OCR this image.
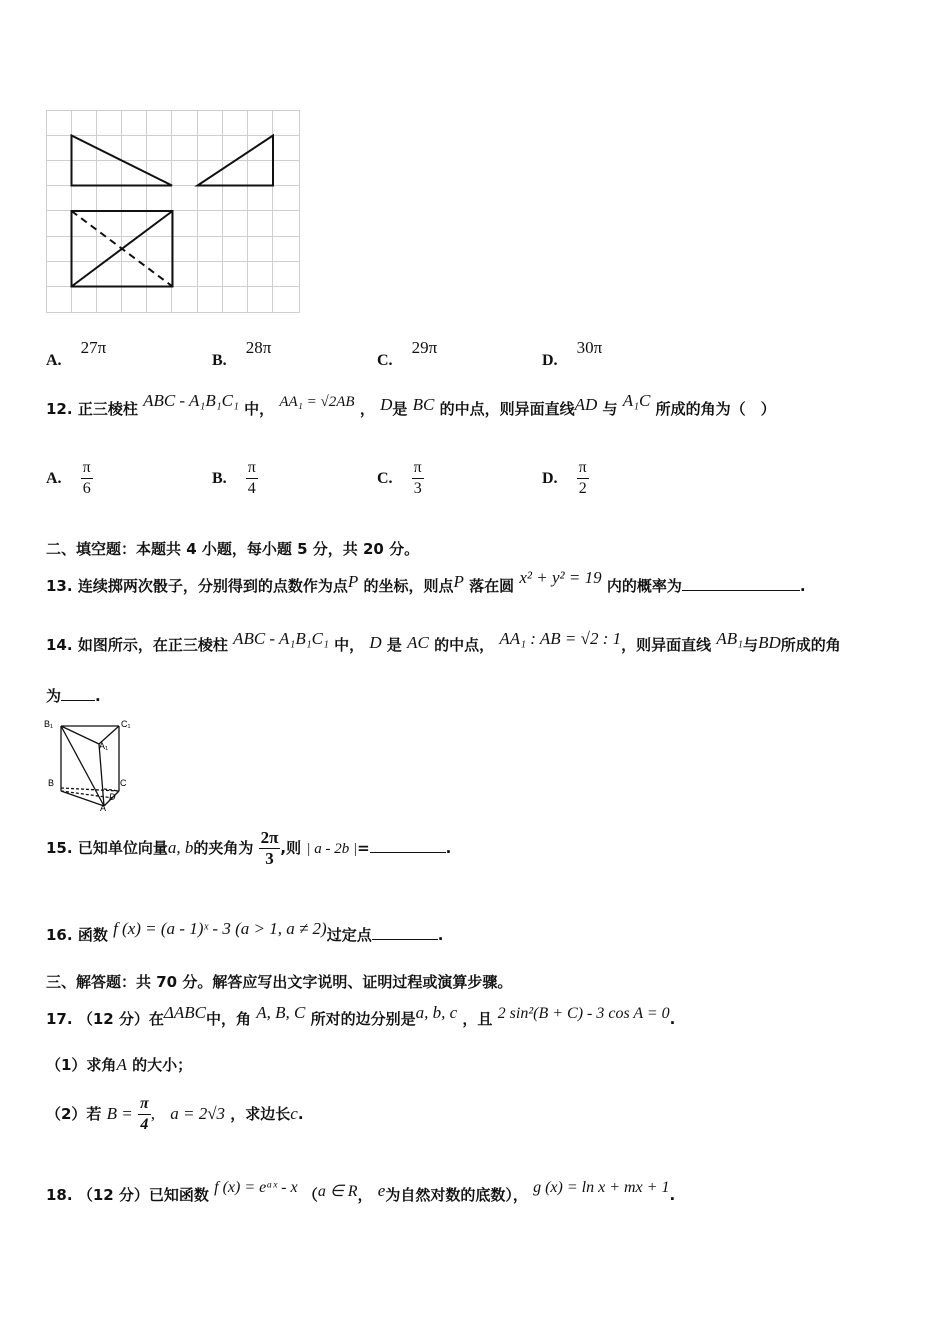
A. 27π
B. 28π
C. 29π
D. 30π
12. 正三棱柱 ABC - A₁B₁C₁ 中， AA₁ = √2AB ， D是 BC 的中点，则异面直线AD 与 A₁C 所成的角为（　）
A. $\frac{\pi}{6}$	B. $\frac{\pi}{4}$	C. $\frac{\pi}{3}$	D. $\frac{\pi}{2}$
二、填空题：本题共 4 小题，每小题 5 分，共 20 分。
13. 连续掷两次骰子，分别得到的点数作为点P 的坐标，则点P 落在圆 x² + y² = 19 内的概率为	.
14. 如图所示，在正三棱柱 ABC - A₁B₁C₁ 中， D 是 AC 的中点， AA₁ : AB = √2 : 1，则异面直线 AB₁与BD所成的角
为 .
B₁	C₁
A₁
B	C
D
A
15. 已知单位向量a, b的夹角为 $\frac{2\pi}{3}$ ,则 | a - 2b |=	.
16. 函数 f (x) = (a - 1)ˣ - 3 (a > 1, a ≠ 2)过定点	.
三、解答题：共 70 分。解答应写出文字说明、证明过程或演算步骤。
17. （12 分）在ΔABC中，角 A, B, C 所对的边分别是a, b, c ，且 2 sin²(B + C) - 3 cos A = 0.
（1）求角A 的大小；
（2）若 $B = \frac{\pi}{4}$ , a = 2√3 ，求边长c.
18. （12 分）已知函数 f (x) = eᵃˣ - x （a ∈ R， e为自然对数的底数）， g (x) = ln x + mx + 1.
